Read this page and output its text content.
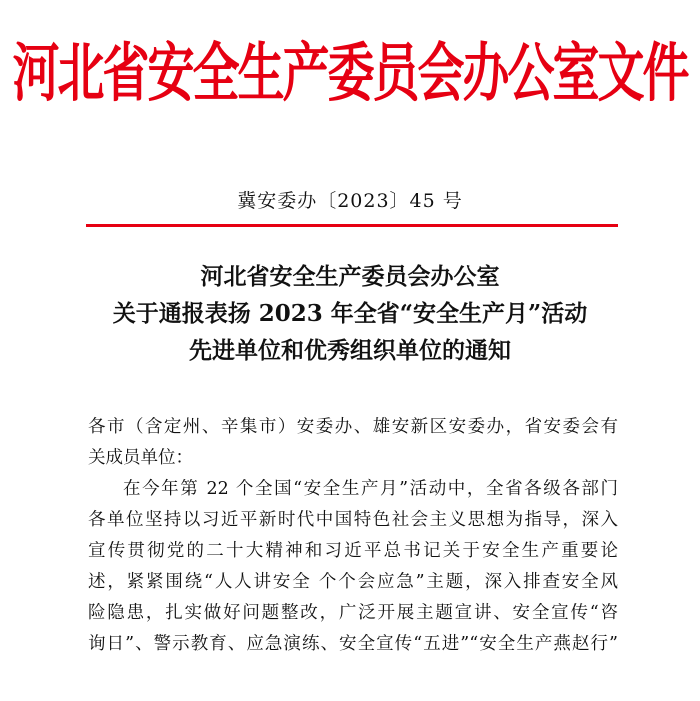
河北省安全生产委员会办公室文件
冀安委办〔2023〕45 号
河北省安全生产委员会办公室
关于通报表扬 2023 年全省“安全生产月”活动
先进单位和优秀组织单位的通知
各市（含定州、辛集市）安委办、雄安新区安委办，省安委会有
关成员单位：
在今年第 22 个全国“安全生产月”活动中，全省各级各部门
各单位坚持以习近平新时代中国特色社会主义思想为指导，深入
宣传贯彻党的二十大精神和习近平总书记关于安全生产重要论
述，紧紧围绕“人人讲安全 个个会应急”主题，深入排查安全风
险隐患，扎实做好问题整改，广泛开展主题宣讲、安全宣传“咨
询日”、警示教育、应急演练、安全宣传“五进”“安全生产燕赵行”
